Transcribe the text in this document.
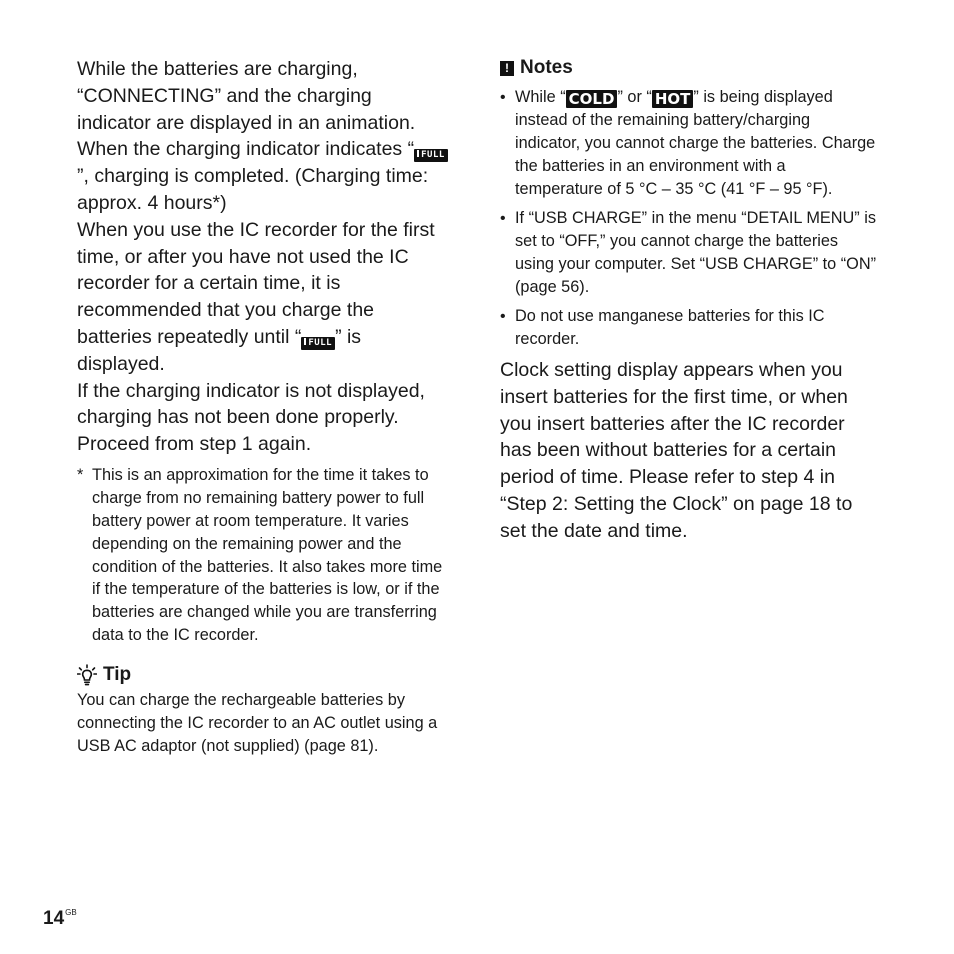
While the batteries are charging, “CONNECTING” and the charging indicator are displayed in an animation. When the charging indicator indicates “ FULL”, charging is completed. (Charging time: approx. 4 hours*)

When you use the IC recorder for the first time, or after you have not used the IC recorder for a certain time, it is recommended that you charge the batteries repeatedly until “ FULL ” is displayed.

If the charging indicator is not displayed, charging has not been done properly. Proceed from step 1 again.

* This is an approximation for the time it takes to charge from no remaining battery power to full battery power at room temperature. It varies depending on the remaining power and the condition of the batteries. It also takes more time if the temperature of the batteries is low, or if the batteries are changed while you are transferring data to the IC recorder.
Tip

You can charge the rechargeable batteries by connecting the IC recorder to an AC outlet using a USB AC adaptor (not supplied) (page 81).

! Notes
• While “ COLD ” or “ HOT ” is being displayed instead of the remaining battery/charging indicator, you cannot charge the batteries. Charge the batteries in an environment with a temperature of 5 °C – 35 °C (41 °F – 95 °F).
• If “USB CHARGE” in the menu “DETAIL MENU” is set to “OFF,” you cannot charge the batteries using your computer. Set “USB CHARGE” to “ON” (page 56).
• Do not use manganese batteries for this IC recorder.

Clock setting display appears when you insert batteries for the first time, or when you insert batteries after the IC recorder has been without batteries for a certain period of time. Please refer to step 4 in “Step 2: Setting the Clock” on page 18 to set the date and time.

$14^{GB}$
